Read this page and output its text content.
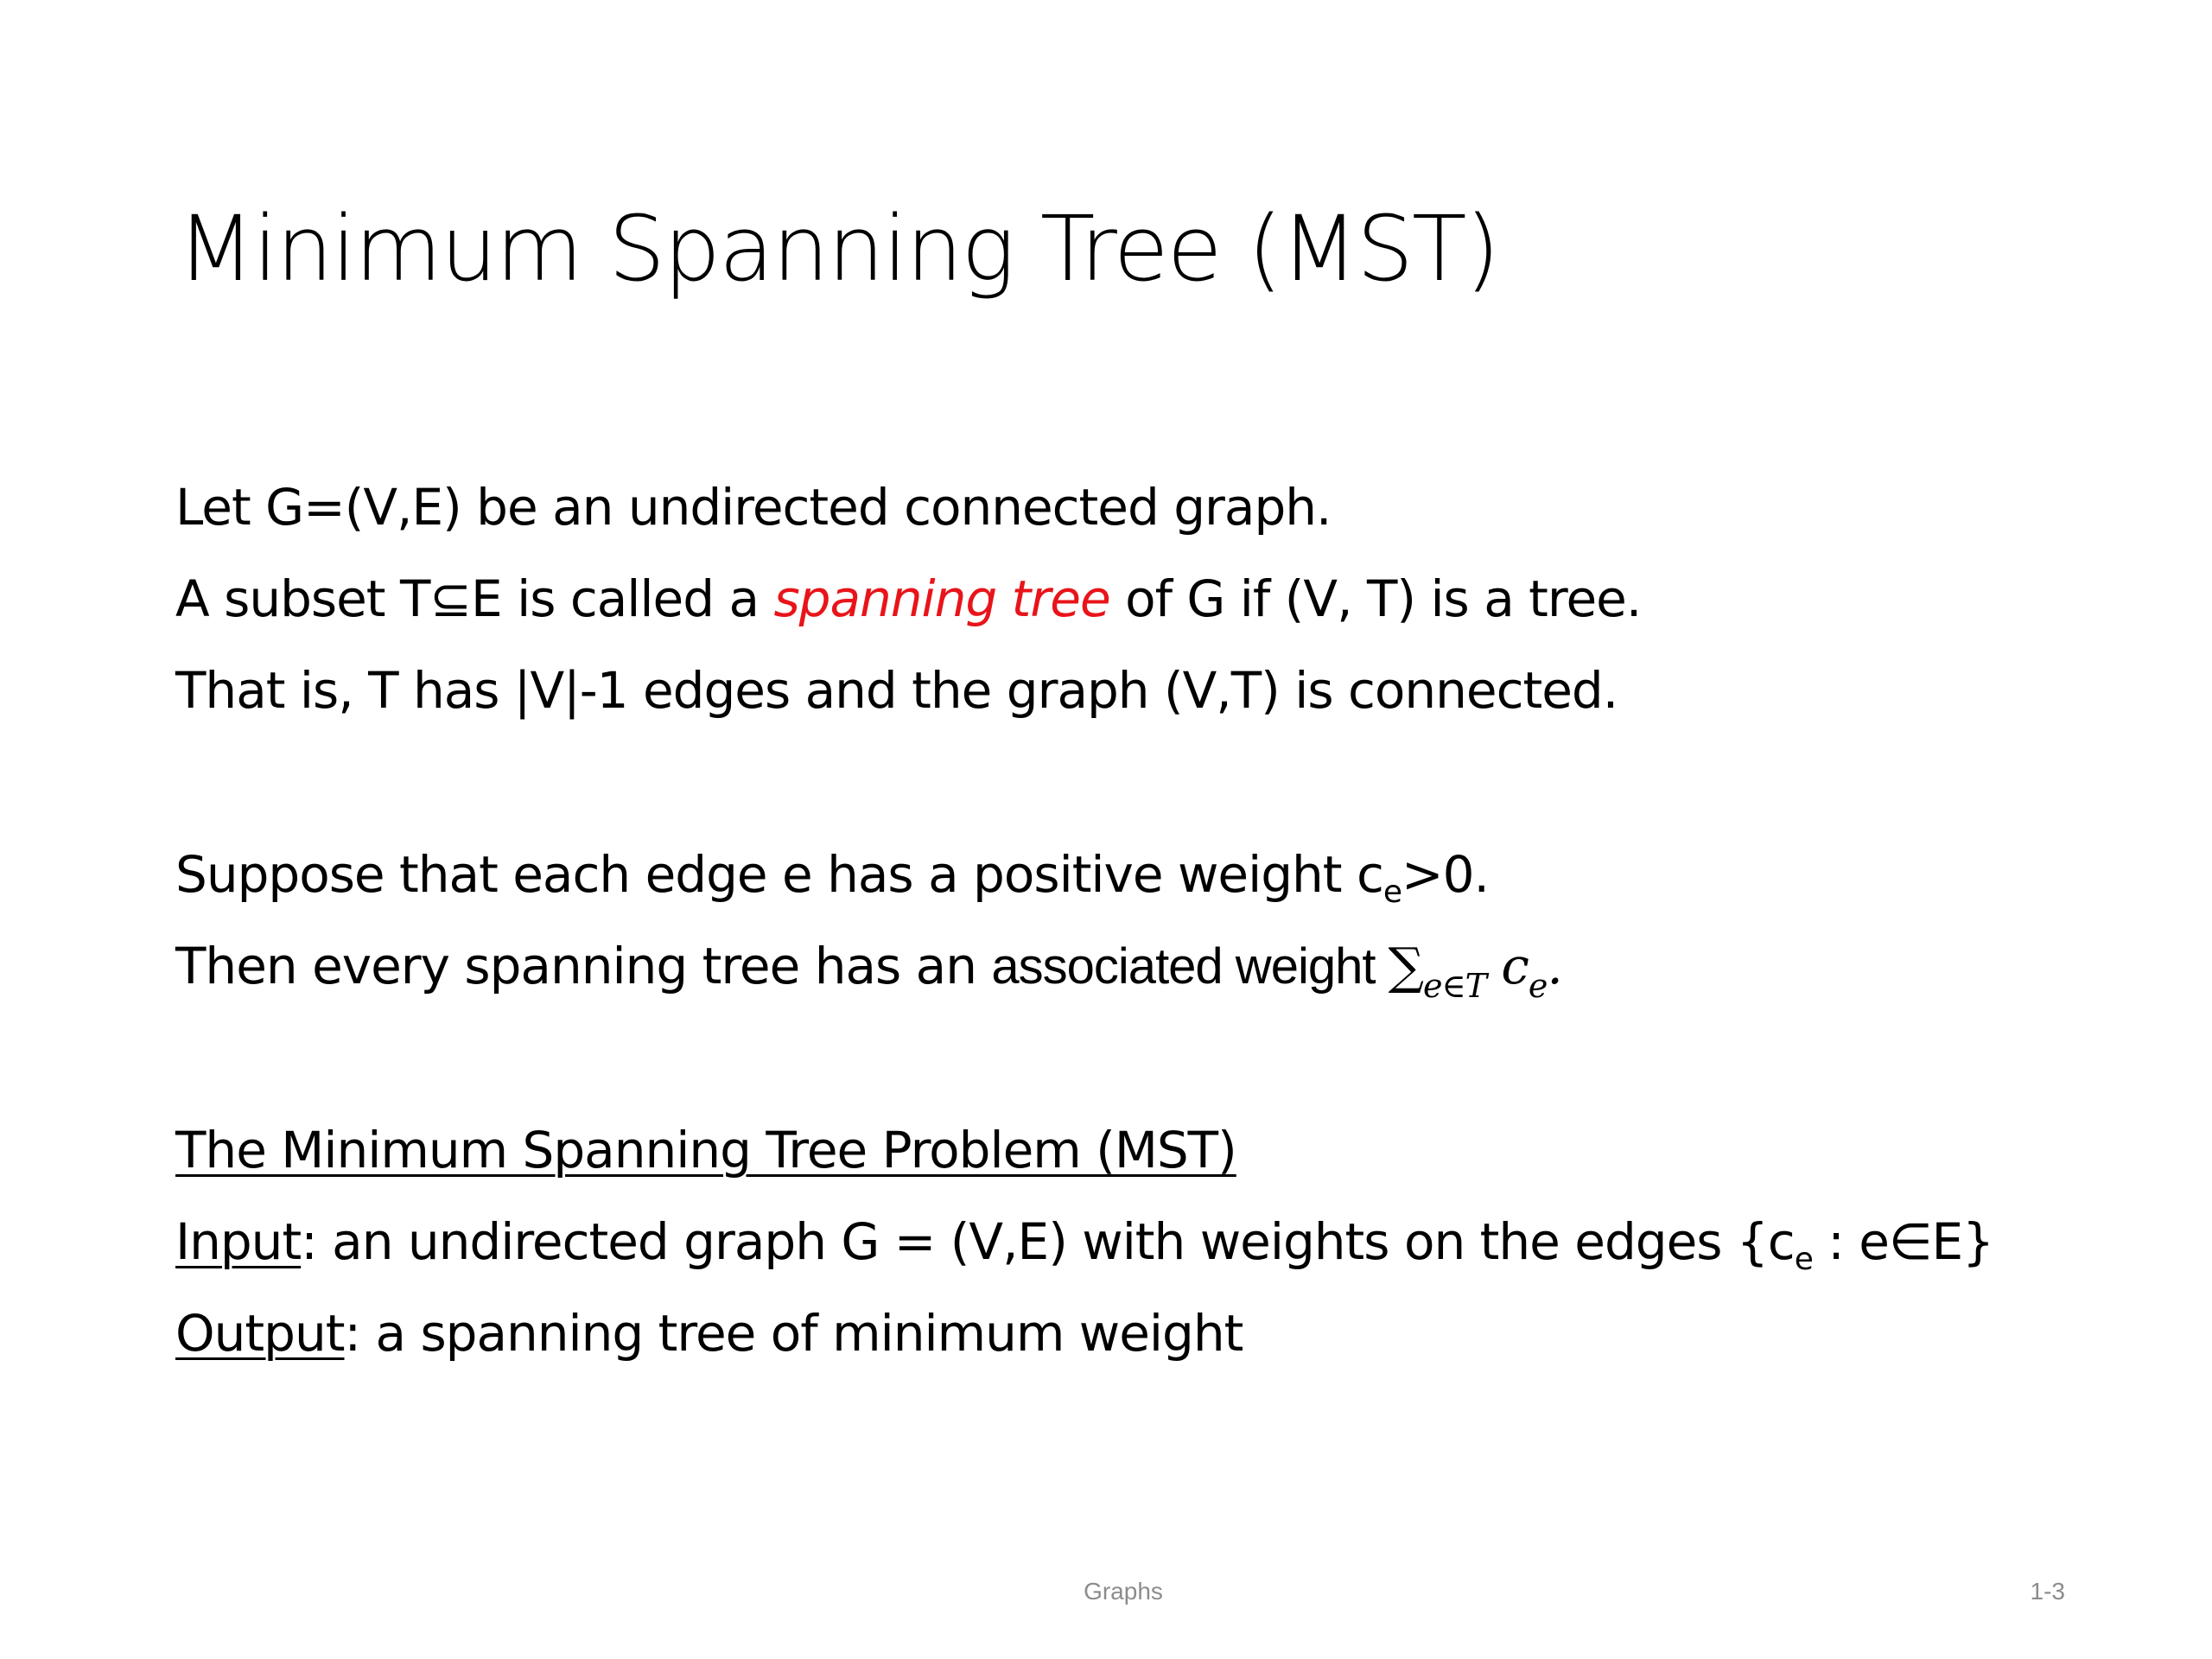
Minimum Spanning Tree (MST)
Let G=(V,E) be an undirected connected graph.
A subset T⊆E is called a spanning tree of G if (V, T) is a tree.
That is, T has |V|-1 edges and the graph (V,T) is connected.
Suppose that each edge e has a positive weight $c_e>0$.
Then every spanning tree has an associated weight $\sum_{e\in T}$ $c_e$.
The Minimum Spanning Tree Problem (MST)
Input: an undirected graph G = (V,E) with weights on the edges {$c_e$ : e∈E}
Output: a spanning tree of minimum weight
Graphs	1-3
